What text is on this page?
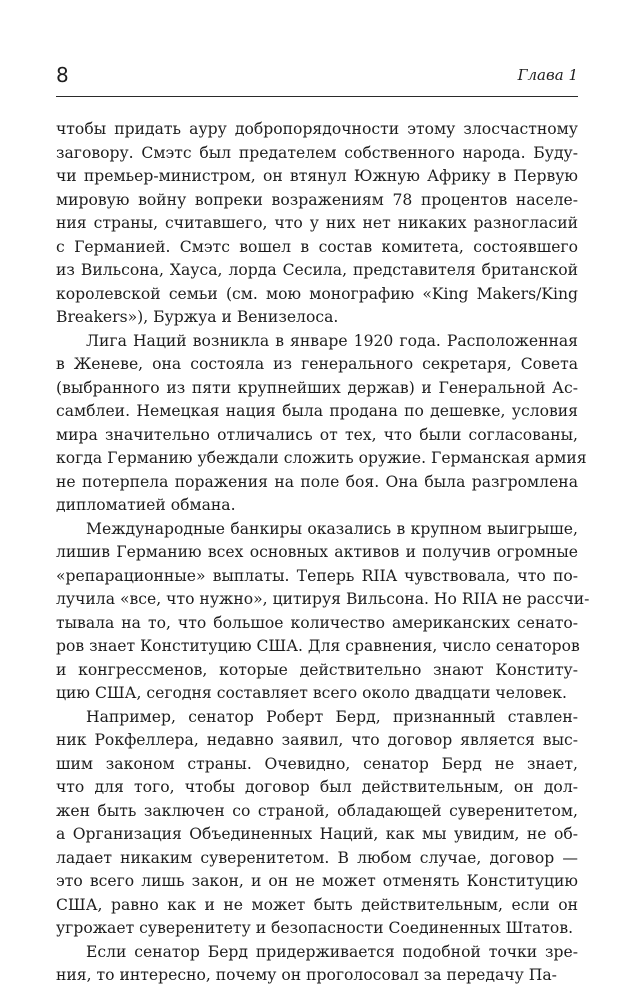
8	Глава 1
чтобы придать ауру добропорядочности этому злосчастному
заговору. Смэтс был предателем собственного народа. Буду-
чи премьер-министром, он втянул Южную Африку в Первую
мировую войну вопреки возражениям 78 процентов населе-
ния страны, считавшего, что у них нет никаких разногласий
с Германией. Смэтс вошел в состав комитета, состоявшего
из Вильсона, Хауса, лорда Сесила, представителя британской
королевской семьи (см. мою монографию «King Makers/King
Breakers»), Буржуа и Венизелоса.
Лига Наций возникла в январе 1920 года. Расположенная
в Женеве, она состояла из генерального секретаря, Совета
(выбранного из пяти крупнейших держав) и Генеральной Ас-
самблеи. Немецкая нация была продана по дешевке, условия
мира значительно отличались от тех, что были согласованы,
когда Германию убеждали сложить оружие. Германская армия
не потерпела поражения на поле боя. Она была разгромлена
дипломатией обмана.
Международные банкиры оказались в крупном выигрыше,
лишив Германию всех основных активов и получив огромные
«репарационные» выплаты. Теперь RIIA чувствовала, что по-
лучила «все, что нужно», цитируя Вильсона. Но RIIA не рассчи-
тывала на то, что большое количество американских сенато-
ров знает Конституцию США. Для сравнения, число сенаторов
и конгрессменов, которые действительно знают Конститу-
цию США, сегодня составляет всего около двадцати человек.
Например, сенатор Роберт Берд, признанный ставлен-
ник Рокфеллера, недавно заявил, что договор является выс-
шим законом страны. Очевидно, сенатор Берд не знает,
что для того, чтобы договор был действительным, он дол-
жен быть заключен со страной, обладающей суверенитетом,
а Организация Объединенных Наций, как мы увидим, не об-
ладает никаким суверенитетом. В любом случае, договор —
это всего лишь закон, и он не может отменять Конституцию
США, равно как и не может быть действительным, если он
угрожает суверенитету и безопасности Соединенных Штатов.
Если сенатор Берд придерживается подобной точки зре-
ния, то интересно, почему он проголосовал за передачу Па-
